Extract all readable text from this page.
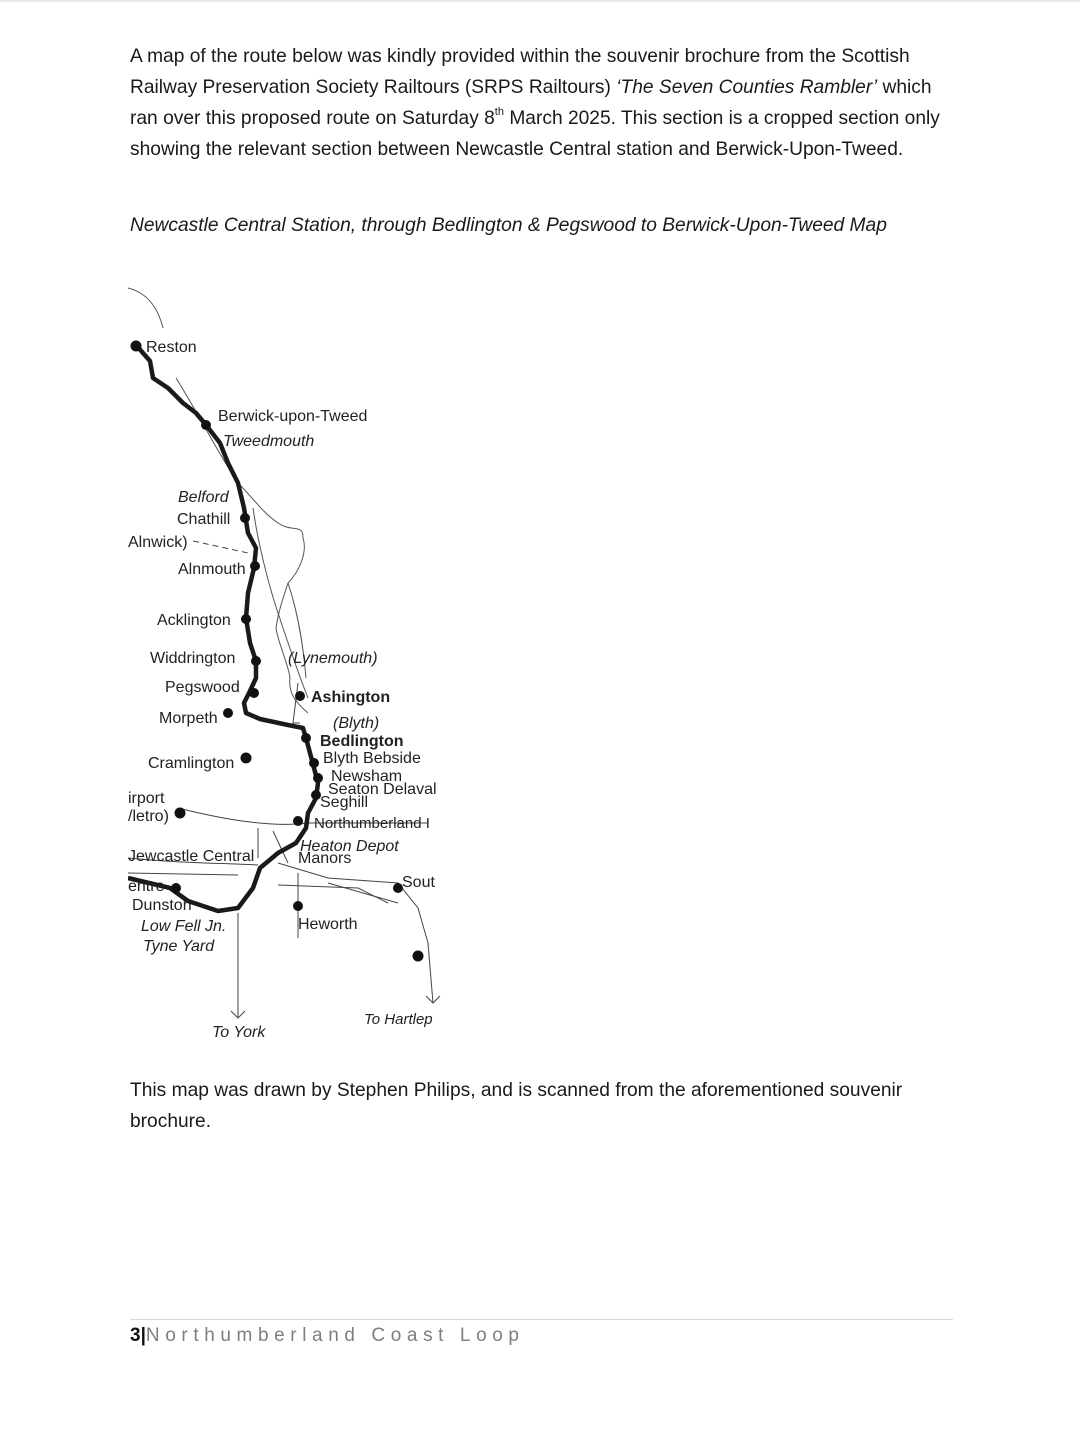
A map of the route below was kindly provided within the souvenir brochure from the Scottish Railway Preservation Society Railtours (SRPS Railtours) ‘The Seven Counties Rambler’ which ran over this proposed route on Saturday 8th March 2025. This section is a cropped section only showing the relevant section between Newcastle Central station and Berwick-Upon-Tweed.

Newcastle Central Station, through Bedlington & Pegswood to Berwick-Upon-Tweed Map

Reston
Berwick-upon-Tweed
Tweedmouth
Belford
Chathill
Alnwick)
Alnmouth
Acklington
Widdrington	(Lynemouth)
Pegswood
Ashington
Morpeth	(Blyth)
Bedlington
Blyth Bebside
Cramlington
Newsham
Seaton Delaval
irport
/letro)
Seghill
Northumberland I
Heaton Depot
Manors
Jewcastle Central
entre	Sout
Dunston
Heworth
Low Fell Jn.
Tyne Yard
To Hartlep
To York

This map was drawn by Stephen Philips, and is scanned from the aforementioned souvenir brochure.

3|Northumberland Coast Loop
